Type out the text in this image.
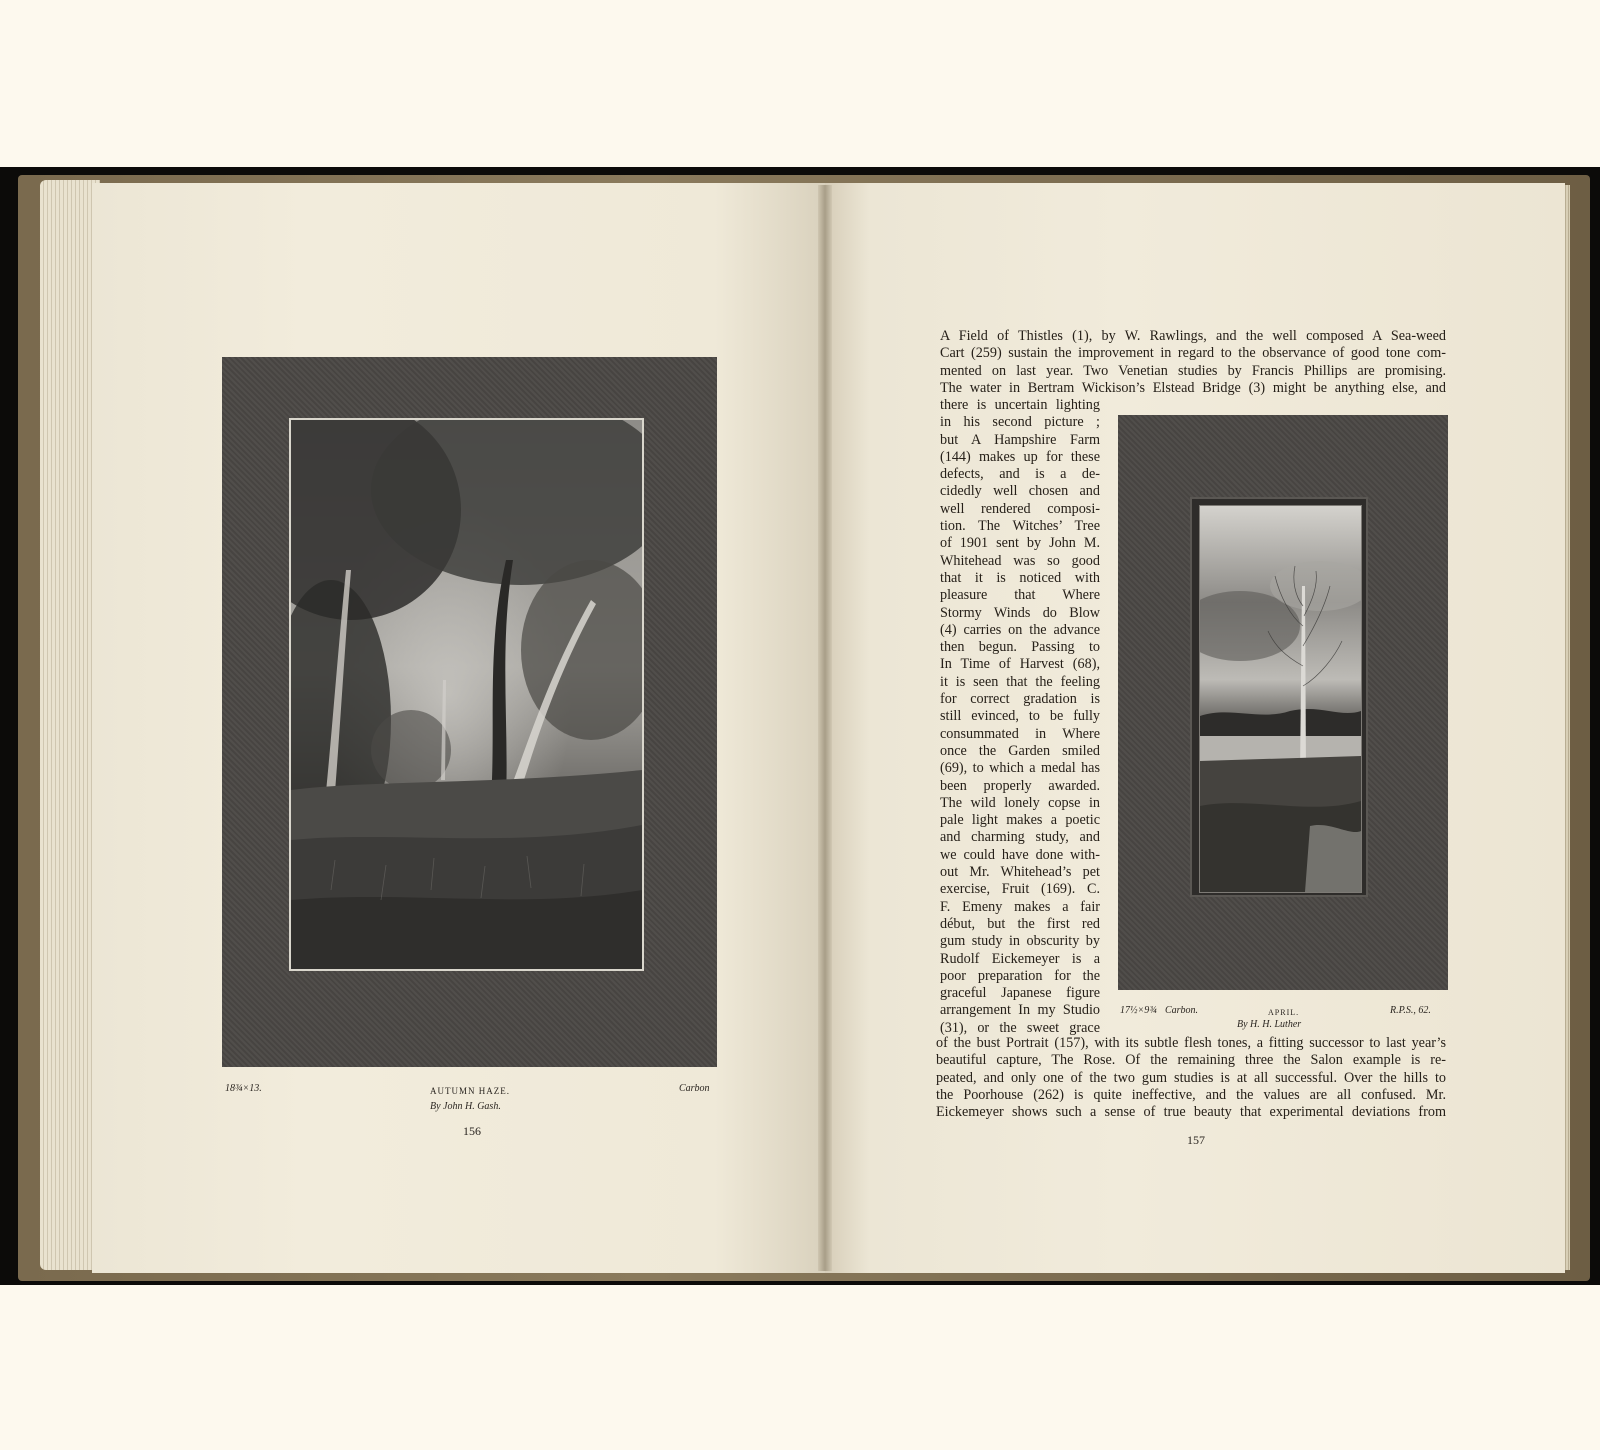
18¾×13.	AUTUMN HAZE.	Carbon
By John H. Gash.
156
17½×9¾ Carbon.	APRIL.	R.P.S., 62.
By H. H. Luther
A Field of Thistles (1), by W. Rawlings, and the well composed A Sea-weed
Cart (259) sustain the improvement in regard to the observance of good tone com-
mented on last year. Two Venetian studies by Francis Phillips are promising.
The water in Bertram Wickison’s Elstead Bridge (3) might be anything else, and
there is uncertain lighting
in his second picture ;
but A Hampshire Farm
(144) makes up for these
defects, and is a de-
cidedly well chosen and
well rendered composi-
tion. The Witches’ Tree
of 1901 sent by John M.
Whitehead was so good
that it is noticed with
pleasure that Where
Stormy Winds do Blow
(4) carries on the advance
then begun. Passing to
In Time of Harvest (68),
it is seen that the feeling
for correct gradation is
still evinced, to be fully
consummated in Where
once the Garden smiled
(69), to which a medal has
been properly awarded.
The wild lonely copse in
pale light makes a poetic
and charming study, and
we could have done with-
out Mr. Whitehead’s pet
exercise, Fruit (169). C.
F. Emeny makes a fair
début, but the first red
gum study in obscurity by
Rudolf Eickemeyer is a
poor preparation for the
graceful Japanese figure
arrangement In my Studio
(31), or the sweet grace
of the bust Portrait (157), with its subtle flesh tones, a fitting successor to last year’s
beautiful capture, The Rose. Of the remaining three the Salon example is re-
peated, and only one of the two gum studies is at all successful. Over the hills to
the Poorhouse (262) is quite ineffective, and the values are all confused. Mr.
Eickemeyer shows such a sense of true beauty that experimental deviations from
157
